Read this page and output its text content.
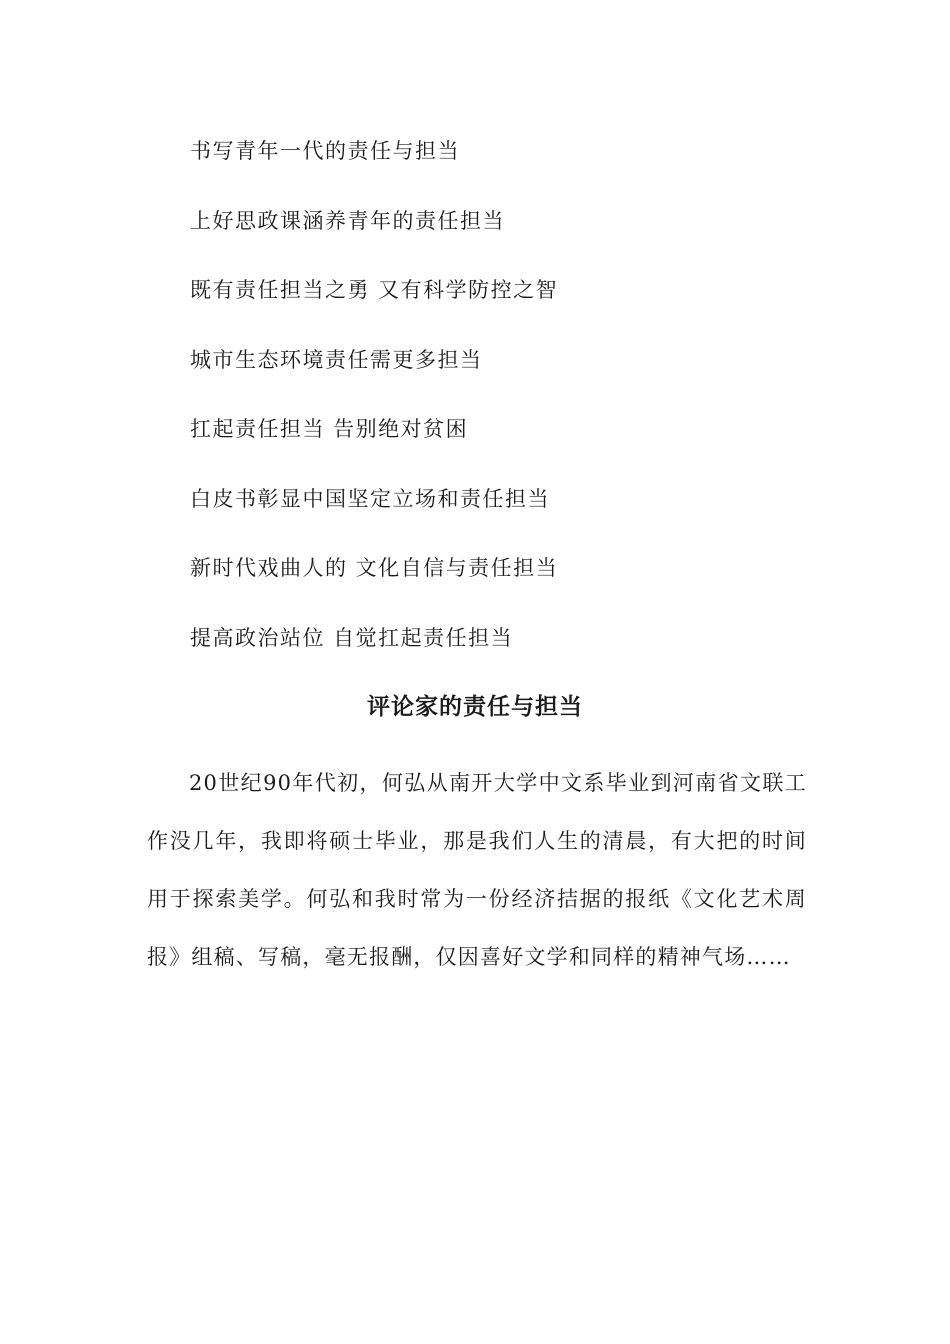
书写青年一代的责任与担当
上好思政课涵养青年的责任担当
既有责任担当之勇 又有科学防控之智
城市生态环境责任需更多担当
扛起责任担当 告别绝对贫困
白皮书彰显中国坚定立场和责任担当
新时代戏曲人的 文化自信与责任担当
提高政治站位 自觉扛起责任担当
评论家的责任与担当

20世纪90年代初，何弘从南开大学中文系毕业到河南省文联工作没几年，我即将硕士毕业，那是我们人生的清晨，有大把的时间用于探索美学。何弘和我时常为一份经济拮据的报纸《文化艺术周报》组稿、写稿，毫无报酬，仅因喜好文学和同样的精神气场……
